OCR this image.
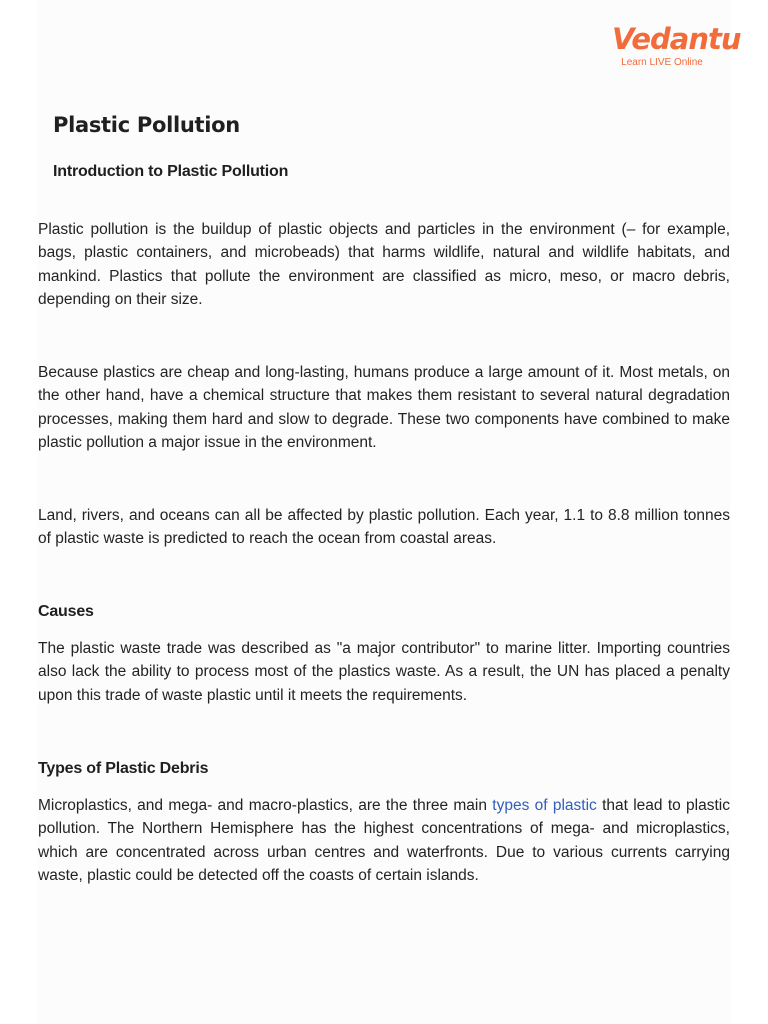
Vedantu
Learn LIVE Online
Plastic Pollution
Introduction to Plastic Pollution

Plastic pollution is the buildup of plastic objects and particles in the environment (– for example, bags, plastic containers, and microbeads) that harms wildlife, natural and wildlife habitats, and mankind. Plastics that pollute the environment are classified as micro, meso, or macro debris, depending on their size.

Because plastics are cheap and long-lasting, humans produce a large amount of it. Most metals, on the other hand, have a chemical structure that makes them resistant to several natural degradation processes, making them hard and slow to degrade. These two components have combined to make plastic pollution a major issue in the environment.

Land, rivers, and oceans can all be affected by plastic pollution. Each year, 1.1 to 8.8 million tonnes of plastic waste is predicted to reach the ocean from coastal areas.

Causes

The plastic waste trade was described as "a major contributor" to marine litter. Importing countries also lack the ability to process most of the plastics waste. As a result, the UN has placed a penalty upon this trade of waste plastic until it meets the requirements.

Types of Plastic Debris

Microplastics, and mega- and macro-plastics, are the three main types of plastic that lead to plastic pollution. The Northern Hemisphere has the highest concentrations of mega- and microplastics, which are concentrated across urban centres and waterfronts. Due to various currents carrying waste, plastic could be detected off the coasts of certain islands.
